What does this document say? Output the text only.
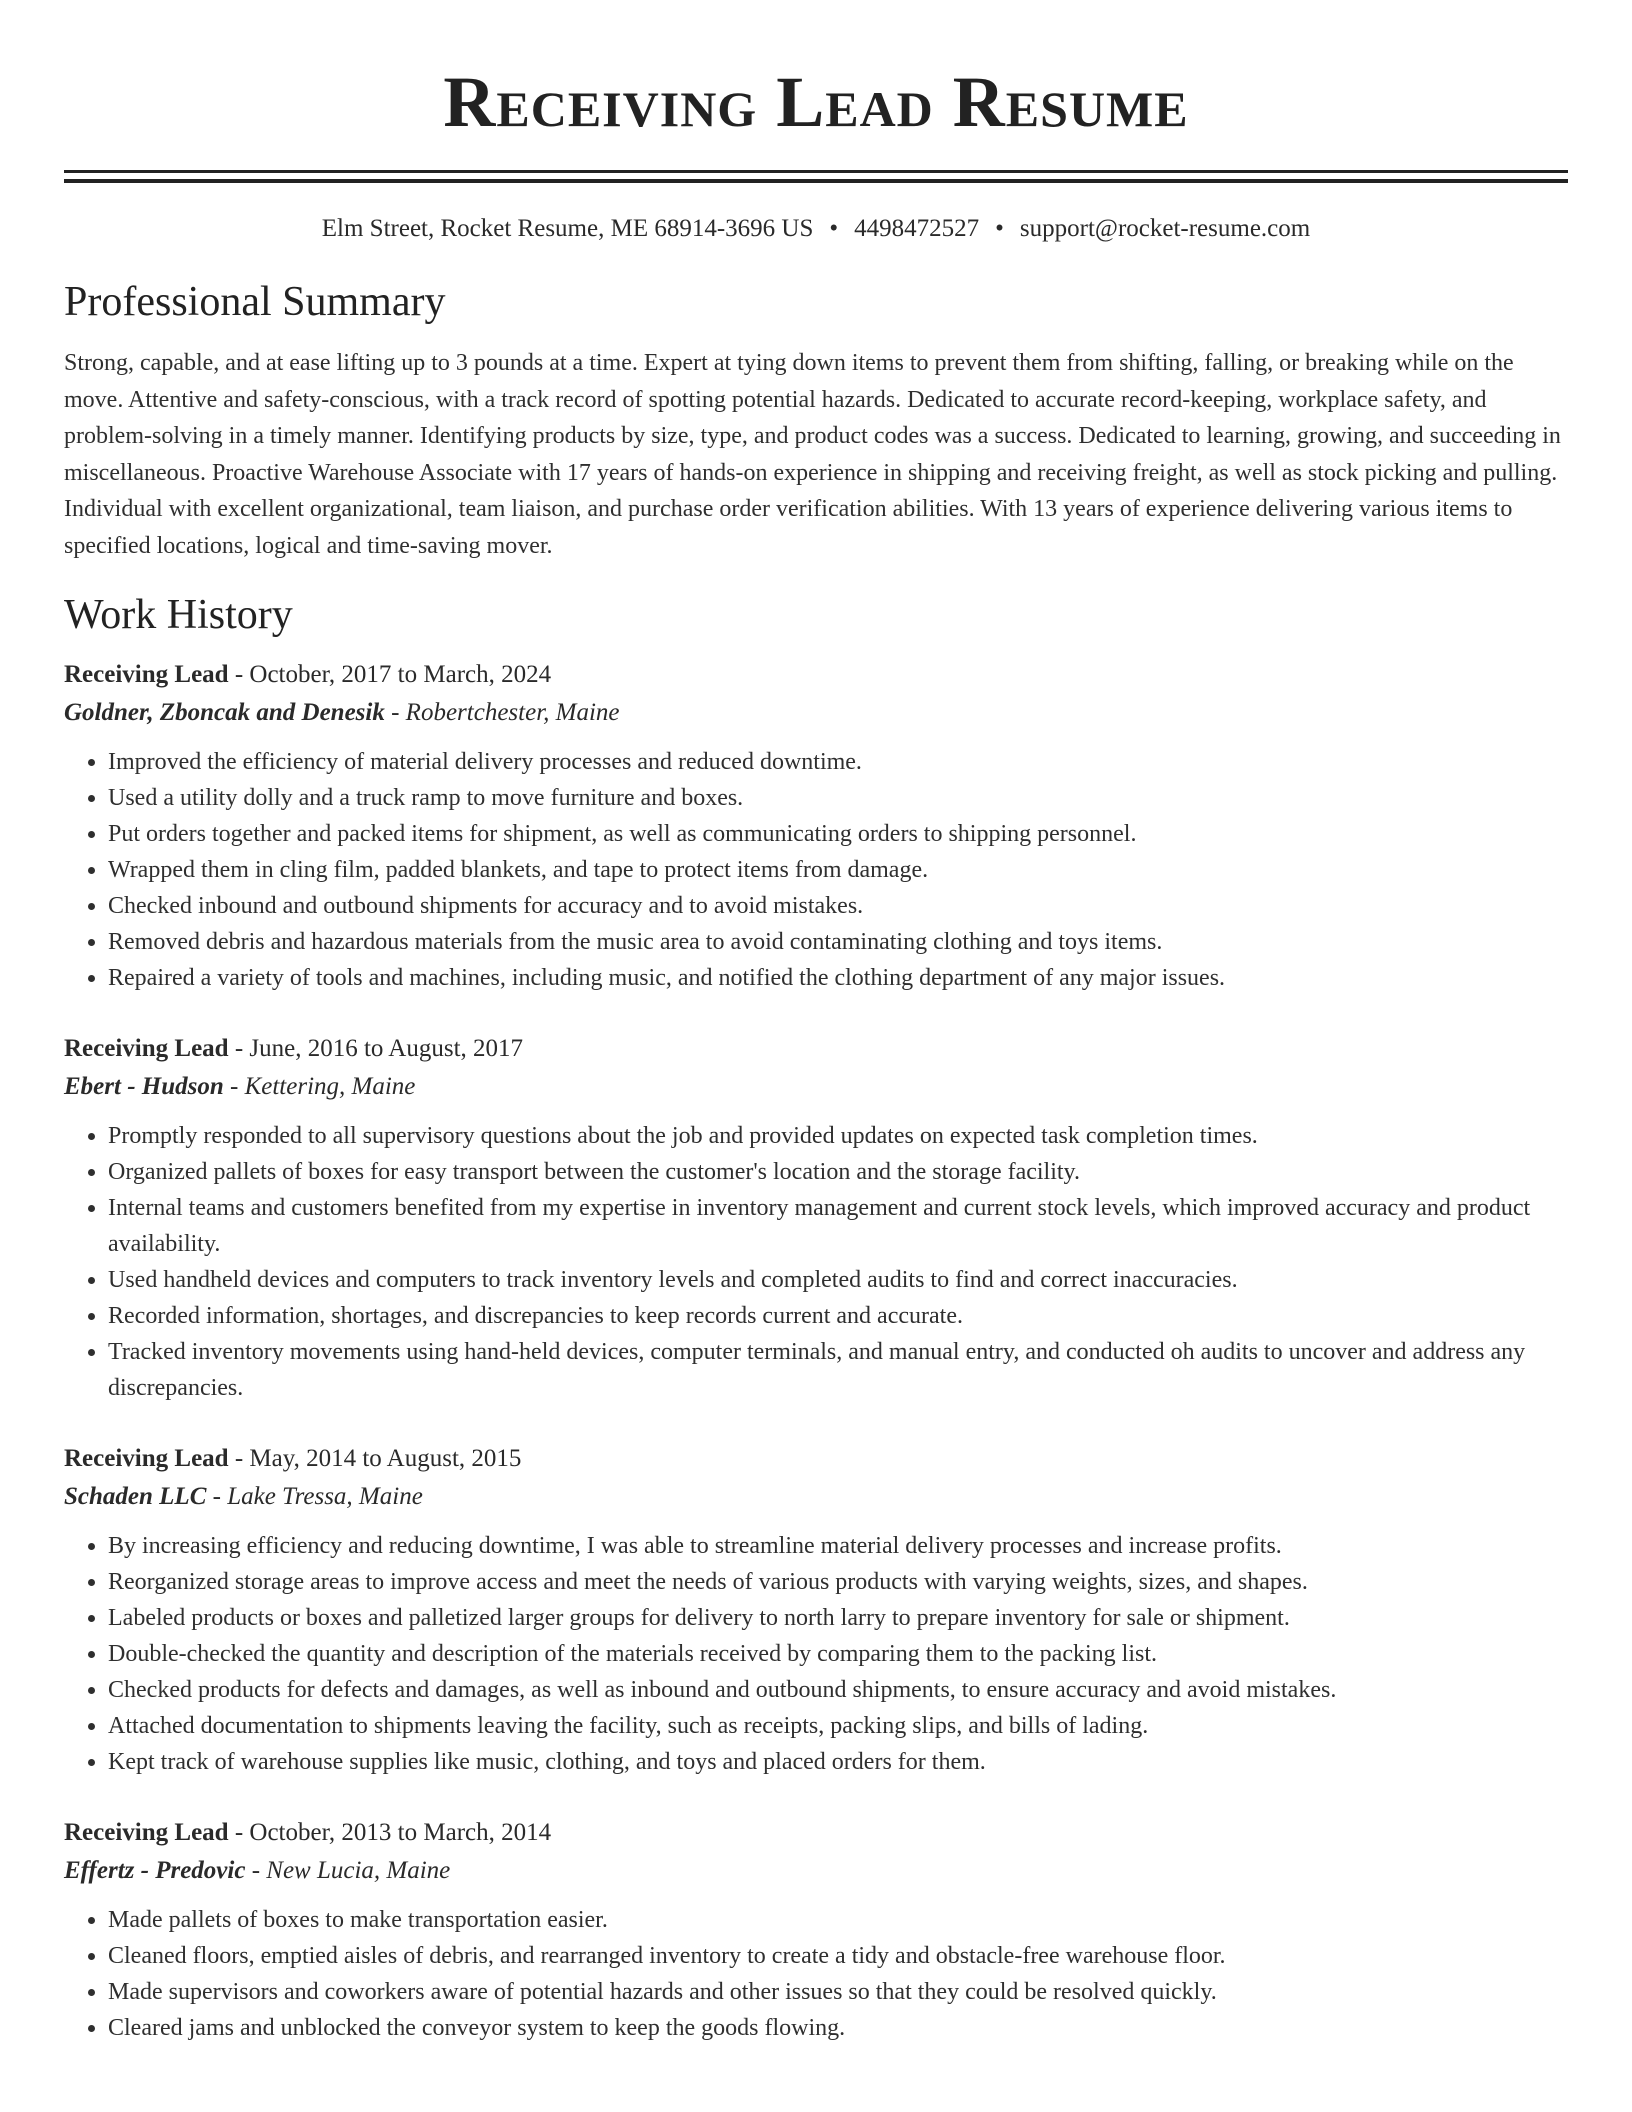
Receiving Lead Resume
Elm Street, Rocket Resume, ME 68914-3696 US • 4498472527 • support@rocket-resume.com
Professional Summary

Strong, capable, and at ease lifting up to 3 pounds at a time. Expert at tying down items to prevent them from shifting, falling, or breaking while on the move. Attentive and safety-conscious, with a track record of spotting potential hazards. Dedicated to accurate record-keeping, workplace safety, and problem-solving in a timely manner. Identifying products by size, type, and product codes was a success. Dedicated to learning, growing, and succeeding in miscellaneous. Proactive Warehouse Associate with 17 years of hands-on experience in shipping and receiving freight, as well as stock picking and pulling. Individual with excellent organizational, team liaison, and purchase order verification abilities. With 13 years of experience delivering various items to specified locations, logical and time-saving mover.

Work History
Receiving Lead - October, 2017 to March, 2024
Goldner, Zboncak and Denesik - Robertchester, Maine
• Improved the efficiency of material delivery processes and reduced downtime.
• Used a utility dolly and a truck ramp to move furniture and boxes.
• Put orders together and packed items for shipment, as well as communicating orders to shipping personnel.
• Wrapped them in cling film, padded blankets, and tape to protect items from damage.
• Checked inbound and outbound shipments for accuracy and to avoid mistakes.
• Removed debris and hazardous materials from the music area to avoid contaminating clothing and toys items.
• Repaired a variety of tools and machines, including music, and notified the clothing department of any major issues.
Receiving Lead - June, 2016 to August, 2017
Ebert - Hudson - Kettering, Maine
• Promptly responded to all supervisory questions about the job and provided updates on expected task completion times.
• Organized pallets of boxes for easy transport between the customer's location and the storage facility.
• Internal teams and customers benefited from my expertise in inventory management and current stock levels, which improved accuracy and product availability.
• Used handheld devices and computers to track inventory levels and completed audits to find and correct inaccuracies.
• Recorded information, shortages, and discrepancies to keep records current and accurate.
• Tracked inventory movements using hand-held devices, computer terminals, and manual entry, and conducted oh audits to uncover and address any discrepancies.
Receiving Lead - May, 2014 to August, 2015
Schaden LLC - Lake Tressa, Maine
• By increasing efficiency and reducing downtime, I was able to streamline material delivery processes and increase profits.
• Reorganized storage areas to improve access and meet the needs of various products with varying weights, sizes, and shapes.
• Labeled products or boxes and palletized larger groups for delivery to north larry to prepare inventory for sale or shipment.
• Double-checked the quantity and description of the materials received by comparing them to the packing list.
• Checked products for defects and damages, as well as inbound and outbound shipments, to ensure accuracy and avoid mistakes.
• Attached documentation to shipments leaving the facility, such as receipts, packing slips, and bills of lading.
• Kept track of warehouse supplies like music, clothing, and toys and placed orders for them.
Receiving Lead - October, 2013 to March, 2014
Effertz - Predovic - New Lucia, Maine
• Made pallets of boxes to make transportation easier.
• Cleaned floors, emptied aisles of debris, and rearranged inventory to create a tidy and obstacle-free warehouse floor.
• Made supervisors and coworkers aware of potential hazards and other issues so that they could be resolved quickly.
• Cleared jams and unblocked the conveyor system to keep the goods flowing.
